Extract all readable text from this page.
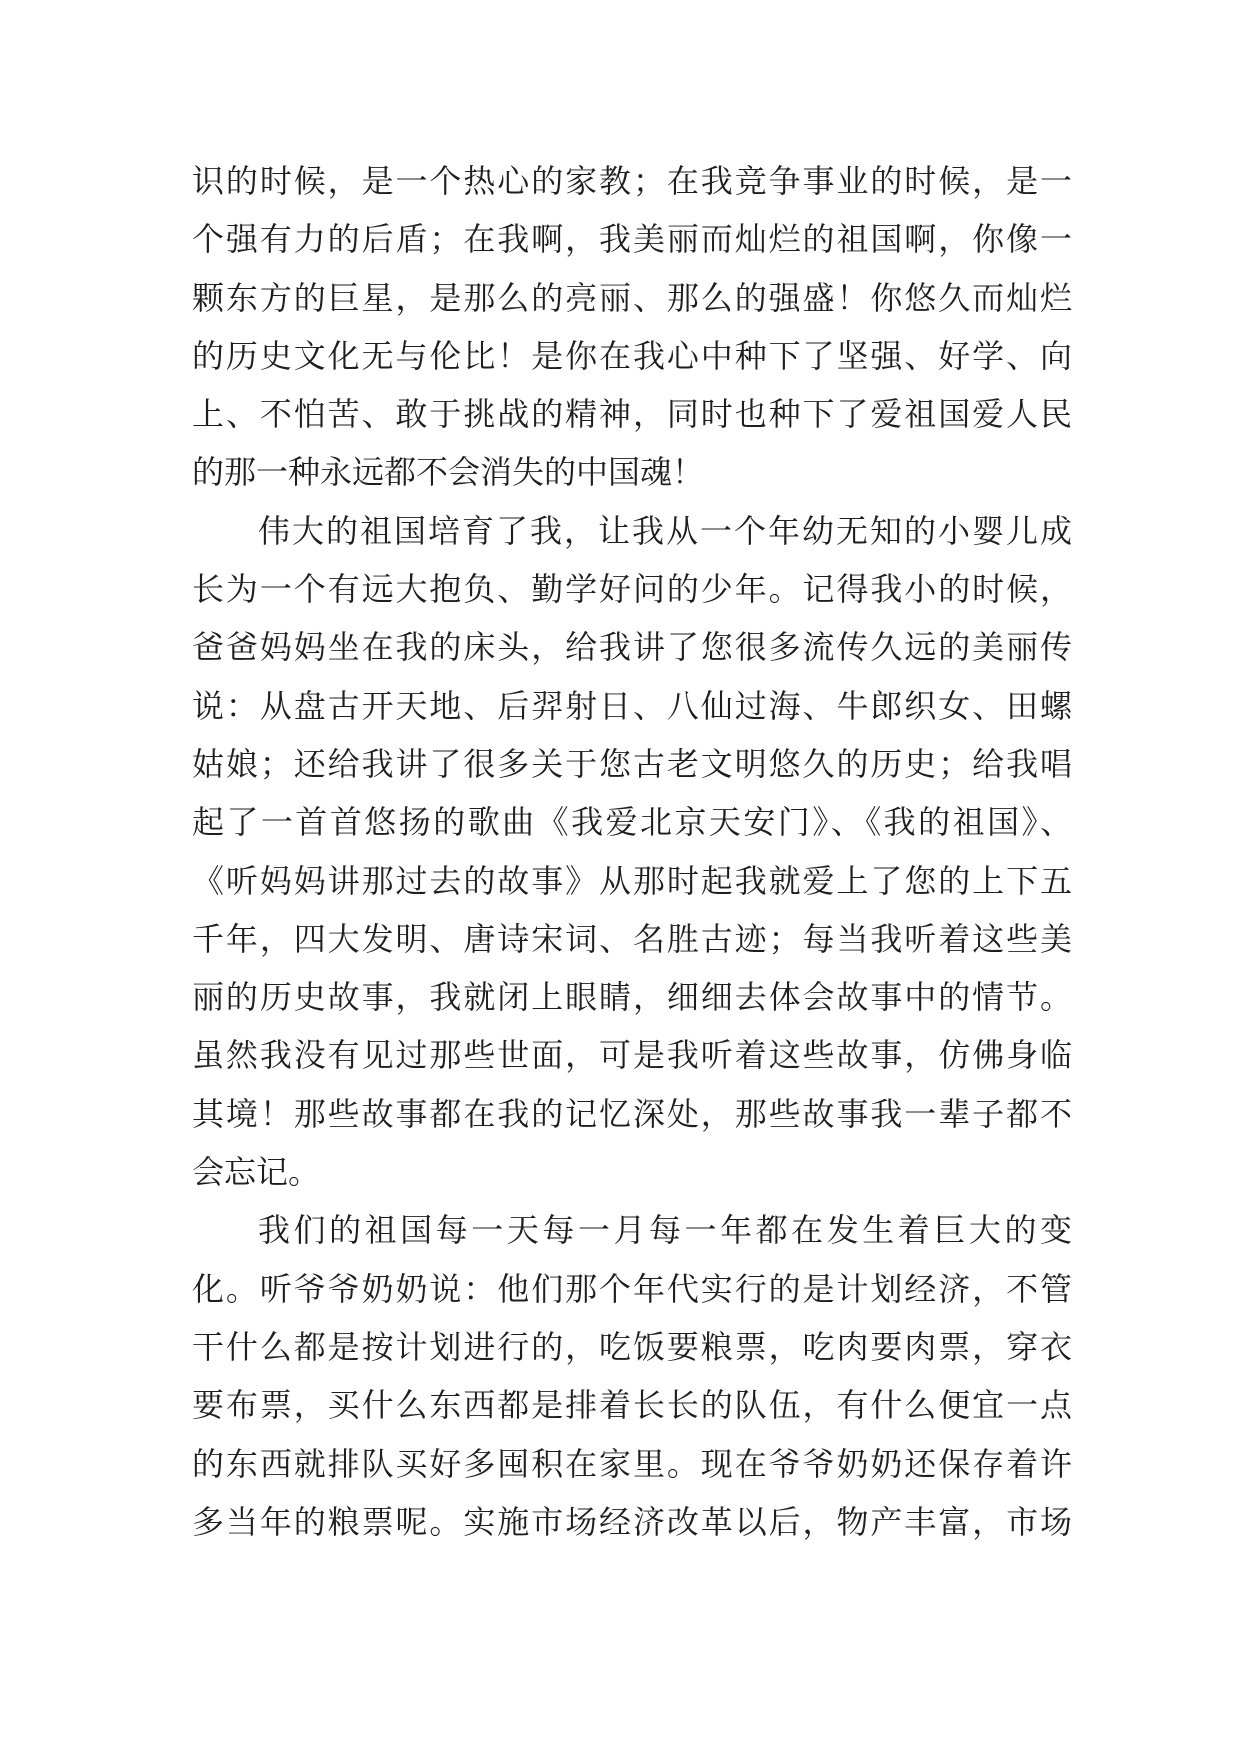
识的时候，是一个热心的家教；在我竞争事业的时候，是一
个强有力的后盾；在我啊，我美丽而灿烂的祖国啊，你像一
颗东方的巨星，是那么的亮丽、那么的强盛！你悠久而灿烂
的历史文化无与伦比！是你在我心中种下了坚强、好学、向
上、不怕苦、敢于挑战的精神，同时也种下了爱祖国爱人民
的那一种永远都不会消失的中国魂！
伟大的祖国培育了我，让我从一个年幼无知的小婴儿成
长为一个有远大抱负、勤学好问的少年。记得我小的时候，
爸爸妈妈坐在我的床头，给我讲了您很多流传久远的美丽传
说：从盘古开天地、后羿射日、八仙过海、牛郎织女、田螺
姑娘；还给我讲了很多关于您古老文明悠久的历史；给我唱
起了一首首悠扬的歌曲《我爱北京天安门》、《我的祖国》、
《听妈妈讲那过去的故事》从那时起我就爱上了您的上下五
千年，四大发明、唐诗宋词、名胜古迹；每当我听着这些美
丽的历史故事，我就闭上眼睛，细细去体会故事中的情节。
虽然我没有见过那些世面，可是我听着这些故事，仿佛身临
其境！那些故事都在我的记忆深处，那些故事我一辈子都不
会忘记。
我们的祖国每一天每一月每一年都在发生着巨大的变
化。听爷爷奶奶说：他们那个年代实行的是计划经济，不管
干什么都是按计划进行的，吃饭要粮票，吃肉要肉票，穿衣
要布票，买什么东西都是排着长长的队伍，有什么便宜一点
的东西就排队买好多囤积在家里。现在爷爷奶奶还保存着许
多当年的粮票呢。实施市场经济改革以后，物产丰富，市场
